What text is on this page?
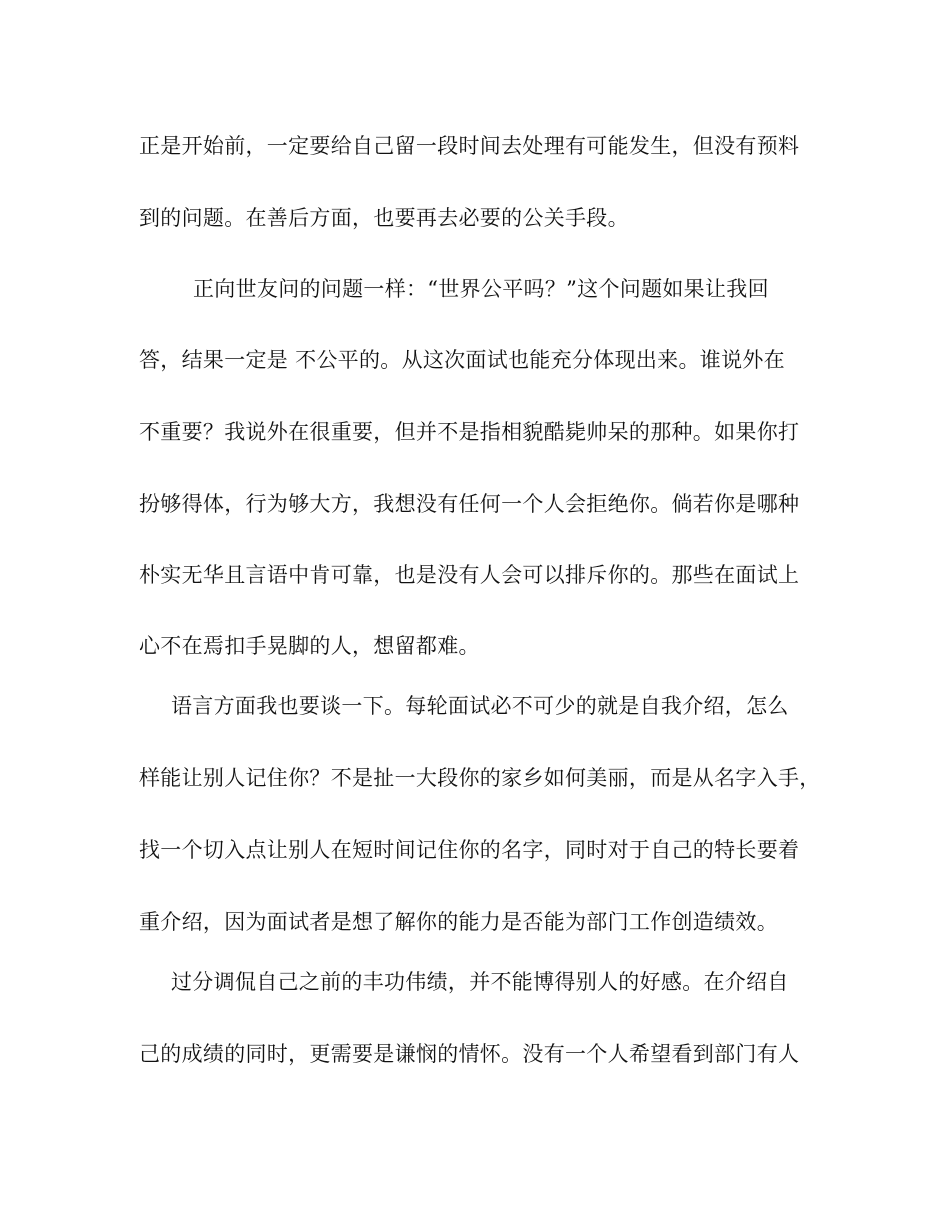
正是开始前，一定要给自己留一段时间去处理有可能发生，但没有预料
到的问题。在善后方面，也要再去必要的公关手段。
正向世友问的问题一样：“世界公平吗？”这个问题如果让我回
答，结果一定是 不公平的。从这次面试也能充分体现出来。谁说外在
不重要？我说外在很重要，但并不是指相貌酷毙帅呆的那种。如果你打
扮够得体，行为够大方，我想没有任何一个人会拒绝你。倘若你是哪种
朴实无华且言语中肯可靠，也是没有人会可以排斥你的。那些在面试上
心不在焉扣手晃脚的人，想留都难。
语言方面我也要谈一下。每轮面试必不可少的就是自我介绍，怎么
样能让别人记住你？不是扯一大段你的家乡如何美丽，而是从名字入手，
找一个切入点让别人在短时间记住你的名字，同时对于自己的特长要着
重介绍，因为面试者是想了解你的能力是否能为部门工作创造绩效。
过分调侃自己之前的丰功伟绩，并不能博得别人的好感。在介绍自
己的成绩的同时，更需要是谦悯的情怀。没有一个人希望看到部门有人
